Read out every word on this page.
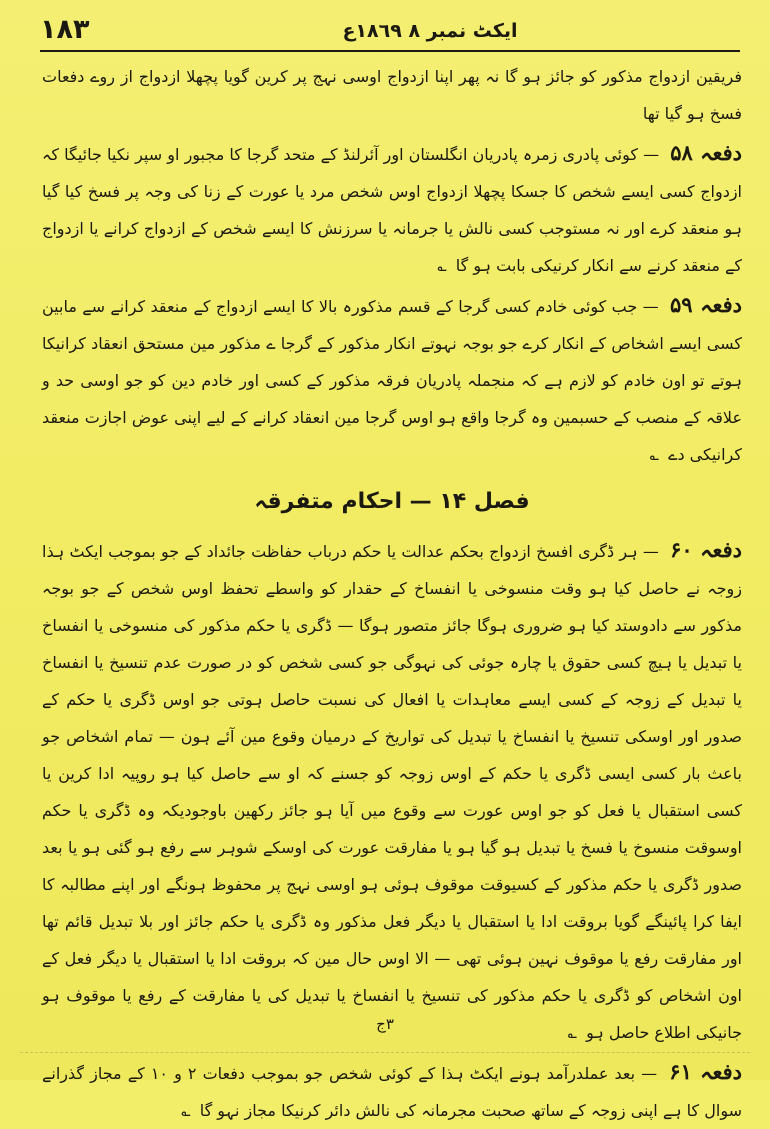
١٨٣	ایکٹ نمبر ۸ ١٨٦٩ع

فریقین ازدواج مذکور کو جائز ہو گا نہ پھر اپنا ازدواج اوسی نہج پر کرین گویا پچھلا ازدواج از روے دفعات فسخ ہو گیا تھا

دفعہ ۵۸ — کوئی پادری زمرہ پادریان انگلستان اور آئرلنڈ کے متحد گرجا کا مجبور او سپر نکیا جائیگا کہ ازدواج کسی ایسے شخص کا جسکا پچھلا ازدواج اوس شخص مرد یا عورت کے زنا کی وجہ پر فسخ کیا گیا ہو منعقد کرے اور نہ مستوجب کسی نالش یا جرمانہ یا سرزنش کا ایسے شخص کے ازدواج کرانے یا ازدواج کے منعقد کرنے سے انکار کرنیکی بابت ہو گا ؎

دفعہ ۵۹ — جب کوئی خادم کسی گرجا کے قسم مذکورہ بالا کا ایسے ازدواج کے منعقد کرانے سے مابین کسی ایسے اشخاص کے انکار کرے جو بوجہ نہوتے انکار مذکور کے گرجا ے مذکور مین مستحق انعقاد کرانیکا ہوتے تو اون خادم کو لازم ہے کہ منجملہ پادریان فرقہ مذکور کے کسی اور خادم دین کو جو اوسی حد و علاقہ کے منصب کے حسبمین وہ گرجا واقع ہو اوس گرجا مین انعقاد کرانے کے لیے اپنی عوض اجازت منعقد کرانیکی دے ؎

فصل ۱۴ — احکام متفرقہ

دفعہ ۶۰ — ہر ڈگری افسخ ازدواج بحکم عدالت یا حکم درباب حفاظت جائداد کے جو بموجب ایکٹ ہذا زوجہ نے حاصل کیا ہو وقت منسوخی یا انفساخ کے حقدار کو واسطے تحفظ اوس شخص کے جو بوجہ مذکور سے دادوستد کیا ہو ضروری ہوگا جائز متصور ہوگا — ڈگری یا حکم مذکور کی منسوخی یا انفساخ یا تبدیل یا ہیچ کسی حقوق یا چارہ جوئی کی نہوگی جو کسی شخص کو در صورت عدم تنسیخ یا انفساخ یا تبدیل کے زوجہ کے کسی ایسے معاہدات یا افعال کی نسبت حاصل ہوتی جو اوس ڈگری یا حکم کے صدور اور اوسکی تنسیخ یا انفساخ یا تبدیل کی تواریخ کے درمیان وقوع مین آئے ہون — تمام اشخاص جو باعث بار کسی ایسی ڈگری یا حکم کے اوس زوجہ کو جسنے کہ او سے حاصل کیا ہو روپیہ ادا کرین یا کسی استقبال یا فعل کو جو اوس عورت سے وقوع میں آیا ہو جائز رکھین باوجودیکہ وہ ڈگری یا حکم اوسوقت منسوخ یا فسخ یا تبدیل ہو گیا ہو یا مفارقت عورت کی اوسکے شوہر سے رفع ہو گئی ہو یا بعد صدور ڈگری یا حکم مذکور کے کسیوقت موقوف ہوئی ہو اوسی نہج پر محفوظ ہونگے اور اپنے مطالبہ کا ایفا کرا پائینگے گویا بروقت ادا یا استقبال یا دیگر فعل مذکور وہ ڈگری یا حکم جائز اور بلا تبدیل قائم تھا اور مفارقت رفع یا موقوف نہین ہوئی تھی — الا اوس حال مین کہ بروقت ادا یا استقبال یا دیگر فعل کے اون اشخاص کو ڈگری یا حکم مذکور کی تنسیخ یا انفساخ یا تبدیل کی یا مفارقت کے رفع یا موقوف ہو جانیکی اطلاع حاصل ہو ؎

دفعہ ۶۱ — بعد عملدرآمد ہونے ایکٹ ہذا کے کوئی شخص جو بموجب دفعات ۲ و ۱۰ کے مجاز گذرانے سوال کا ہے اپنی زوجہ کے ساتھ صحبت مجرمانہ کی نالش دائر کرنیکا مجاز نہو گا ؎

٣ج
